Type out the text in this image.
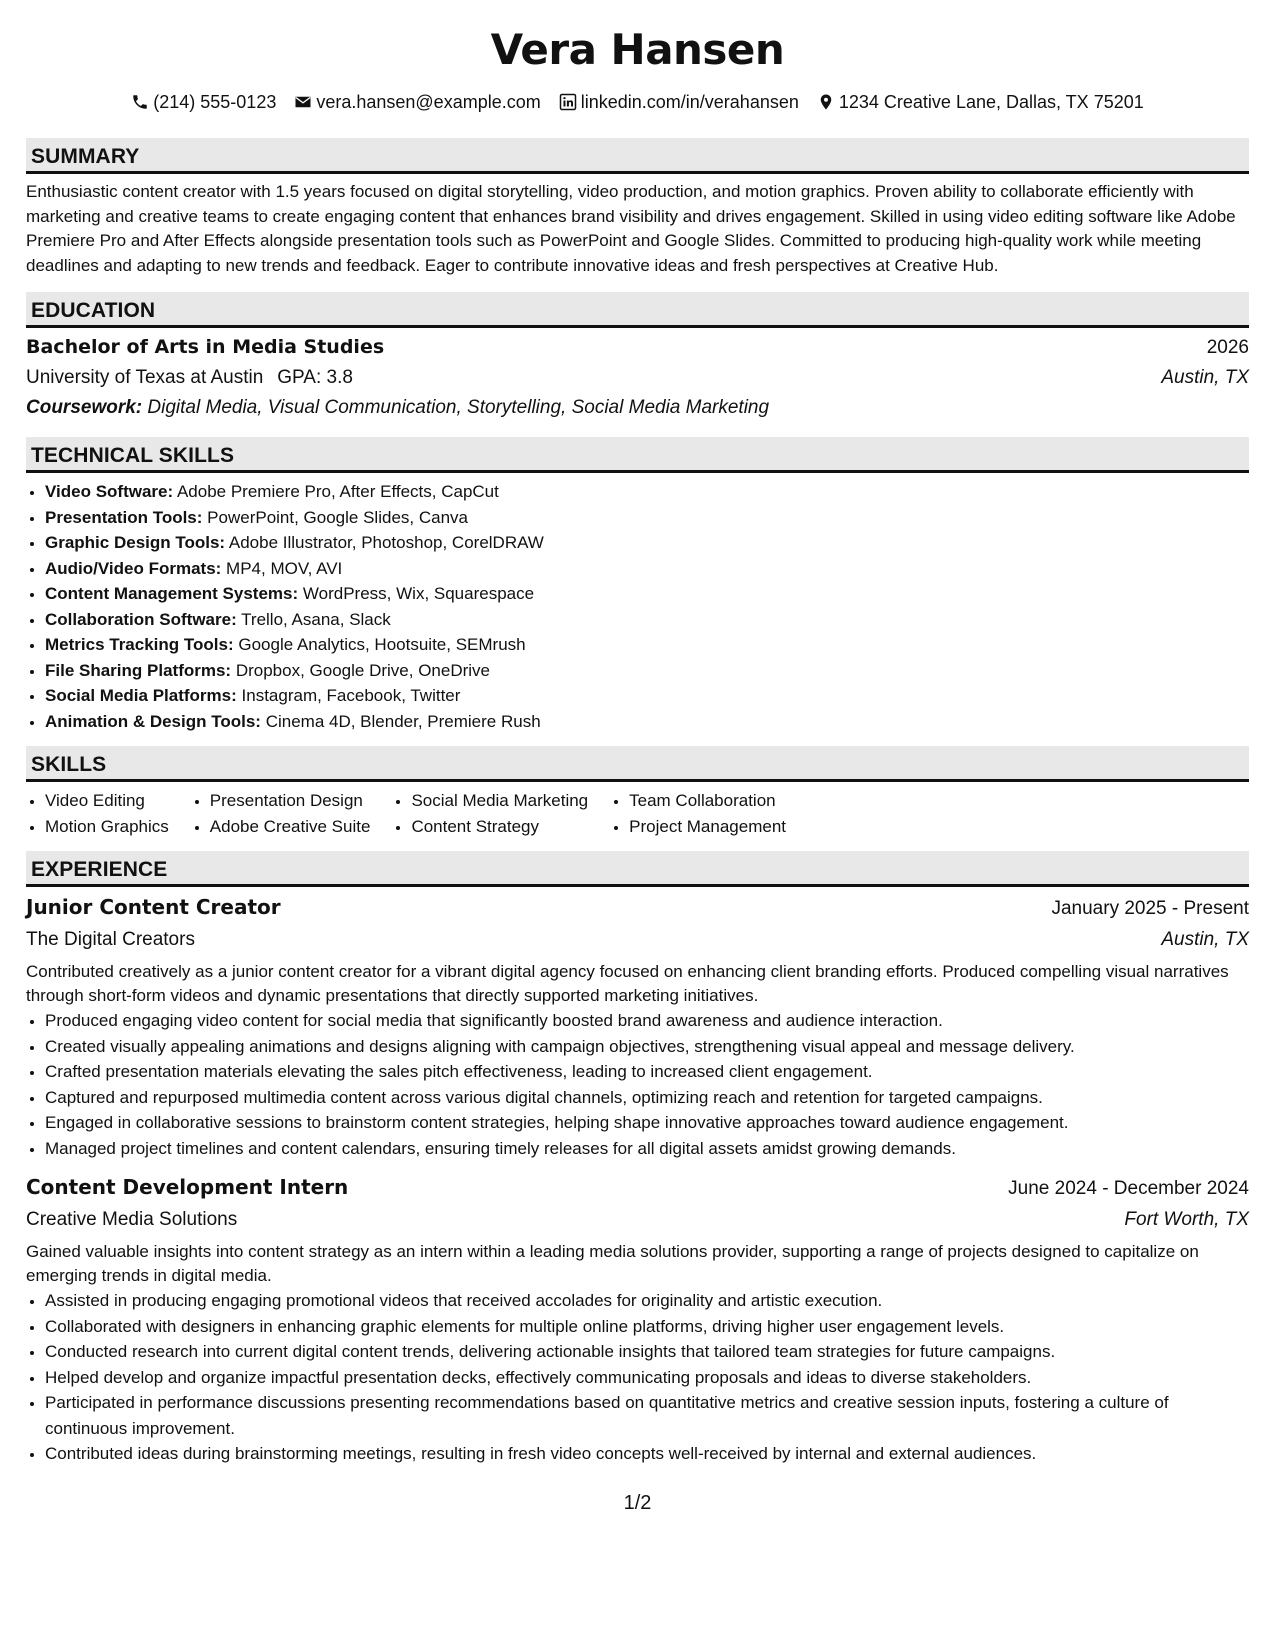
Vera Hansen
(214) 555-0123 vera.hansen@example.com linkedin.com/in/verahansen 1234 Creative Lane, Dallas, TX 75201
SUMMARY
Enthusiastic content creator with 1.5 years focused on digital storytelling, video production, and motion graphics. Proven ability to collaborate efficiently with marketing and creative teams to create engaging content that enhances brand visibility and drives engagement. Skilled in using video editing software like Adobe Premiere Pro and After Effects alongside presentation tools such as PowerPoint and Google Slides. Committed to producing high-quality work while meeting deadlines and adapting to new trends and feedback. Eager to contribute innovative ideas and fresh perspectives at Creative Hub.
EDUCATION
Bachelor of Arts in Media Studies	2026
University of Texas at Austin GPA: 3.8	Austin, TX
Coursework: Digital Media, Visual Communication, Storytelling, Social Media Marketing
TECHNICAL SKILLS
• Video Software: Adobe Premiere Pro, After Effects, CapCut
• Presentation Tools: PowerPoint, Google Slides, Canva
• Graphic Design Tools: Adobe Illustrator, Photoshop, CorelDRAW
• Audio/Video Formats: MP4, MOV, AVI
• Content Management Systems: WordPress, Wix, Squarespace
• Collaboration Software: Trello, Asana, Slack
• Metrics Tracking Tools: Google Analytics, Hootsuite, SEMrush
• File Sharing Platforms: Dropbox, Google Drive, OneDrive
• Social Media Platforms: Instagram, Facebook, Twitter
• Animation & Design Tools: Cinema 4D, Blender, Premiere Rush
SKILLS
• Video Editing
• Motion Graphics
• Presentation Design
• Adobe Creative Suite
• Social Media Marketing
• Content Strategy
• Team Collaboration
• Project Management
EXPERIENCE
Junior Content Creator	January 2025 - Present
The Digital Creators	Austin, TX
Contributed creatively as a junior content creator for a vibrant digital agency focused on enhancing client branding efforts. Produced compelling visual narratives through short-form videos and dynamic presentations that directly supported marketing initiatives.
• Produced engaging video content for social media that significantly boosted brand awareness and audience interaction.
• Created visually appealing animations and designs aligning with campaign objectives, strengthening visual appeal and message delivery.
• Crafted presentation materials elevating the sales pitch effectiveness, leading to increased client engagement.
• Captured and repurposed multimedia content across various digital channels, optimizing reach and retention for targeted campaigns.
• Engaged in collaborative sessions to brainstorm content strategies, helping shape innovative approaches toward audience engagement.
• Managed project timelines and content calendars, ensuring timely releases for all digital assets amidst growing demands.
Content Development Intern	June 2024 - December 2024
Creative Media Solutions	Fort Worth, TX
Gained valuable insights into content strategy as an intern within a leading media solutions provider, supporting a range of projects designed to capitalize on emerging trends in digital media.
• Assisted in producing engaging promotional videos that received accolades for originality and artistic execution.
• Collaborated with designers in enhancing graphic elements for multiple online platforms, driving higher user engagement levels.
• Conducted research into current digital content trends, delivering actionable insights that tailored team strategies for future campaigns.
• Helped develop and organize impactful presentation decks, effectively communicating proposals and ideas to diverse stakeholders.
• Participated in performance discussions presenting recommendations based on quantitative metrics and creative session inputs, fostering a culture of continuous improvement.
• Contributed ideas during brainstorming meetings, resulting in fresh video concepts well-received by internal and external audiences.
1/2
